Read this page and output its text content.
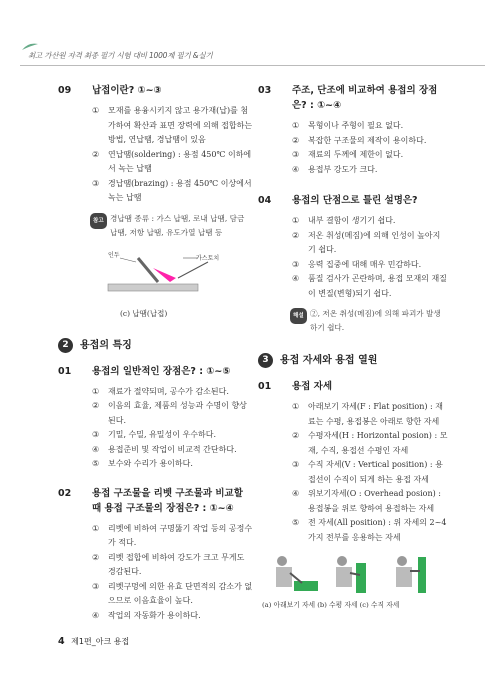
최고 가산원 자격 최종 필기 시험 대비 1000제 필기 &실기
09	납접이란? ①~③
① 모재를 용융시키지 않고 용가재(납)를 첨가하여 확산과 표면 장력에 의해 접합하는 방법, 연납땜, 경납땜이 있음
② 연납땜(soldering) : 용점 450℃ 이하에서 녹는 납땜
③ 경납땜(brazing) : 용점 450℃ 이상에서 녹는 납땜
참고 경납땜 종류 : 가스 납땜, 로내 납땜, 담금 납땜, 저항 납땜, 유도가열 납땜 등
인두	가스토치
(c) 납땜(납접)
2	용접의 특징
01	용접의 일반적인 장점은? : ①~⑤
① 재료가 절약되며, 공수가 감소된다.
② 이음의 효율, 제품의 성능과 수명이 향상된다.
③ 기밀, 수밀, 유밀성이 우수하다.
④ 용접준비 및 작업이 비교적 간단하다.
⑤ 보수와 수리가 용이하다.
02	용접 구조물을 리벳 구조물과 비교할 때 용접 구조물의 장점은? : ①~④
① 리벳에 비하여 구명뚫기 작업 등의 공정수가 적다.
② 리벳 접합에 비하여 강도가 크고 무게도 경감된다.
③ 리벳구멍에 의한 유효 단면적의 감소가 없으므로 이음효율이 높다.
④ 작업의 자동화가 용이하다.
03	주조, 단조에 비교하여 용접의 장점은? : ①~④
① 목형이나 주형이 필요 없다.
② 복잡한 구조물의 제작이 용이하다.
③ 재료의 두께에 제한이 없다.
④ 용접부 강도가 크다.
04	용접의 단점으로 틀린 설명은?
① 내부 결함이 생기기 쉽다.
② 저온 취성(메짐)에 의해 인성이 높아지기 쉽다.
③ 응력 집중에 대해 매우 민감하다.
④ 품질 검사가 곤란하며, 용접 모재의 재질이 변질(변형)되기 쉽다.
해설 ②, 저온 취성(메짐)에 의해 파괴가 발생하기 쉽다.
3	용접 자세와 용접 열원
01	용접 자세
① 아래보기 자세(F : Flat position) : 재료는 수평, 용접봉은 아래로 향한 자세
② 수평자세(H : Horizontal posion) : 모재, 수직, 용접선 수평인 자세
③ 수직 자세(V : Vertical position) : 용접선이 수직이 되게 하는 용접 자세
④ 위보기자세(O : Overhead posion) : 용접봉을 위로 향하여 용접하는 자세
⑤ 전 자세(All position) : 위 자세의 2~4가지 전부를 응용하는 자세
(a) 아래보기 자세 (b) 수평 자세 (c) 수직 자세
4 제1편_아크 용접
